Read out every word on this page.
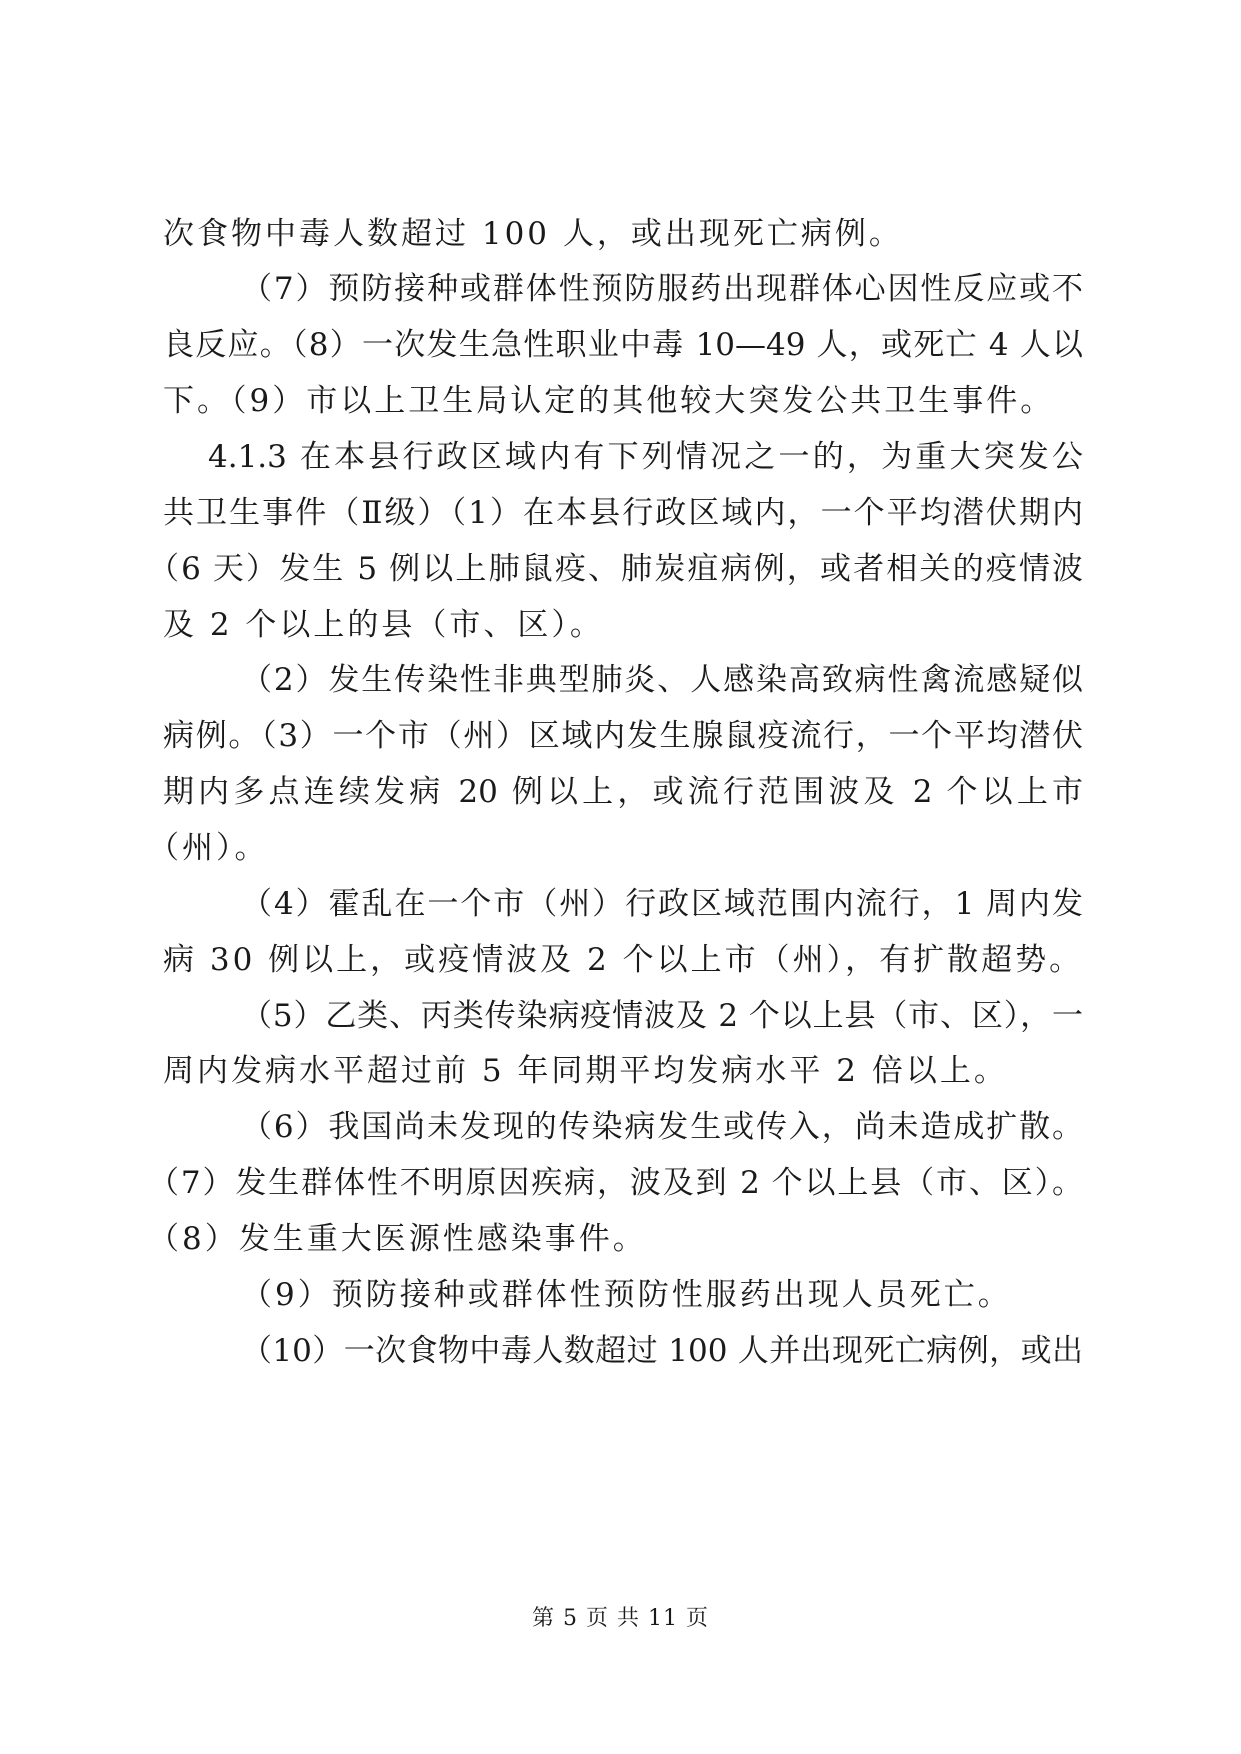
次食物中毒人数超过 100 人，或出现死亡病例。
（7）预防接种或群体性预防服药出现群体心因性反应或不
良反应。（8）一次发生急性职业中毒 10—49 人，或死亡 4 人以
下。（9）市以上卫生局认定的其他较大突发公共卫生事件。
4.1.3 在本县行政区域内有下列情况之一的，为重大突发公
共卫生事件（Ⅱ级）（1）在本县行政区域内，一个平均潜伏期内
（6 天）发生 5 例以上肺鼠疫、肺炭疽病例，或者相关的疫情波
及 2 个以上的县（市、区）。
（2）发生传染性非典型肺炎、人感染高致病性禽流感疑似
病例。（3）一个市（州）区域内发生腺鼠疫流行，一个平均潜伏
期内多点连续发病 20 例以上，或流行范围波及 2 个以上市
（州）。
（4）霍乱在一个市（州）行政区域范围内流行，1 周内发
病 30 例以上，或疫情波及 2 个以上市（州），有扩散超势。
（5）乙类、丙类传染病疫情波及 2 个以上县（市、区），一
周内发病水平超过前 5 年同期平均发病水平 2 倍以上。
（6）我国尚未发现的传染病发生或传入，尚未造成扩散。
（7）发生群体性不明原因疾病，波及到 2 个以上县（市、区）。
（8）发生重大医源性感染事件。
（9）预防接种或群体性预防性服药出现人员死亡。
（10）一次食物中毒人数超过 100 人并出现死亡病例，或出
第 5 页 共 11 页
